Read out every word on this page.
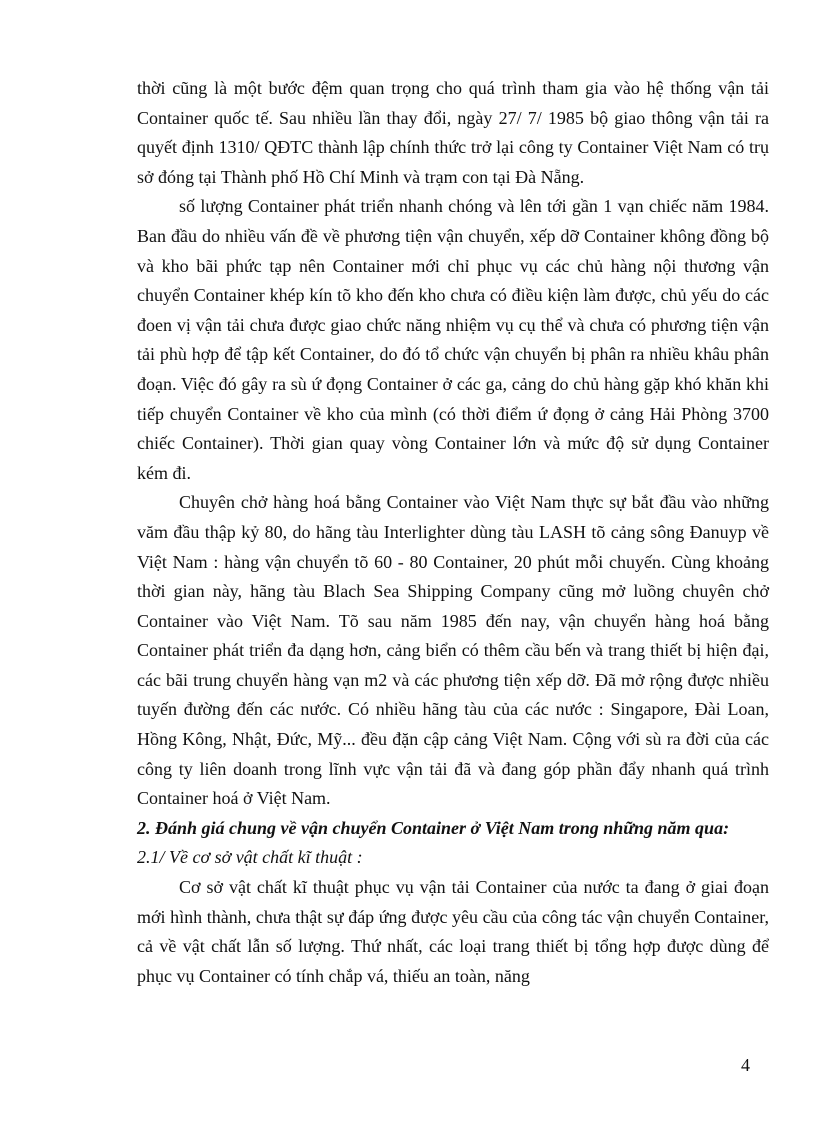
thời cũng là một bước đệm quan trọng cho quá trình tham gia vào hệ thống vận tải Container quốc tế. Sau nhiều lần thay đổi, ngày 27/ 7/ 1985 bộ giao thông vận tải ra quyết định 1310/ QĐTC thành lập chính thức trở lại công ty Container Việt Nam có trụ sở đóng tại Thành phố Hồ Chí Minh và trạm con tại Đà Nẵng.

số lượng Container phát triển nhanh chóng và lên tới gần 1 vạn chiếc năm 1984. Ban đầu do nhiều vấn đề về phương tiện vận chuyển, xếp dỡ Container không đồng bộ và kho bãi phức tạp nên Container mới chỉ phục vụ các chủ hàng nội thương vận chuyển Container khép kín tõ kho đến kho chưa có điều kiện làm được, chủ yếu do các đoen vị vận tải chưa được giao chức năng nhiệm vụ cụ thể và chưa có phương tiện vận tải phù hợp để tập kết Container, do đó tổ chức vận chuyển bị phân ra nhiều khâu phân đoạn. Việc đó gây ra sù ứ đọng Container ở các ga, cảng do chủ hàng gặp khó khăn khi tiếp chuyển Container về kho của mình (có thời điểm ứ đọng ở cảng Hải Phòng 3700 chiếc Container). Thời gian quay vòng Container lớn và mức độ sử dụng Container kém đi.

Chuyên chở hàng hoá bằng Container vào Việt Nam thực sự bắt đầu vào những văm đầu thập kỷ 80, do hãng tàu Interlighter dùng tàu LASH tõ cảng sông Đanuyp về Việt Nam : hàng vận chuyển tõ 60 - 80 Container, 20 phút mỗi chuyến. Cùng khoảng thời gian này, hãng tàu Blach Sea Shipping Company cũng mở luồng chuyên chở Container vào Việt Nam. Tõ sau năm 1985 đến nay, vận chuyển hàng hoá bằng Container phát triển đa dạng hơn, cảng biển có thêm cầu bến và trang thiết bị hiện đại, các bãi trung chuyển hàng vạn m2 và các phương tiện xếp dỡ. Đã mở rộng được nhiều tuyến đường đến các nước. Có nhiều hãng tàu của các nước : Singapore, Đài Loan, Hồng Kông, Nhật, Đức, Mỹ... đều đặn cập cảng Việt Nam. Cộng với sù ra đời của các công ty liên doanh trong lĩnh vực vận tải đã và đang góp phần đẩy nhanh quá trình Container hoá ở Việt Nam.

2. Đánh giá chung về vận chuyển Container ở Việt Nam trong những năm qua:

2.1/ Về cơ sở vật chất kĩ thuật :

Cơ sở vật chất kĩ thuật phục vụ vận tải Container của nước ta đang ở giai đoạn mới hình thành, chưa thật sự đáp ứng được yêu cầu của công tác vận chuyển Container, cả về vật chất lẫn số lượng. Thứ nhất, các loại trang thiết bị tổng hợp được dùng để phục vụ Container có tính chắp vá, thiếu an toàn, năng

4
